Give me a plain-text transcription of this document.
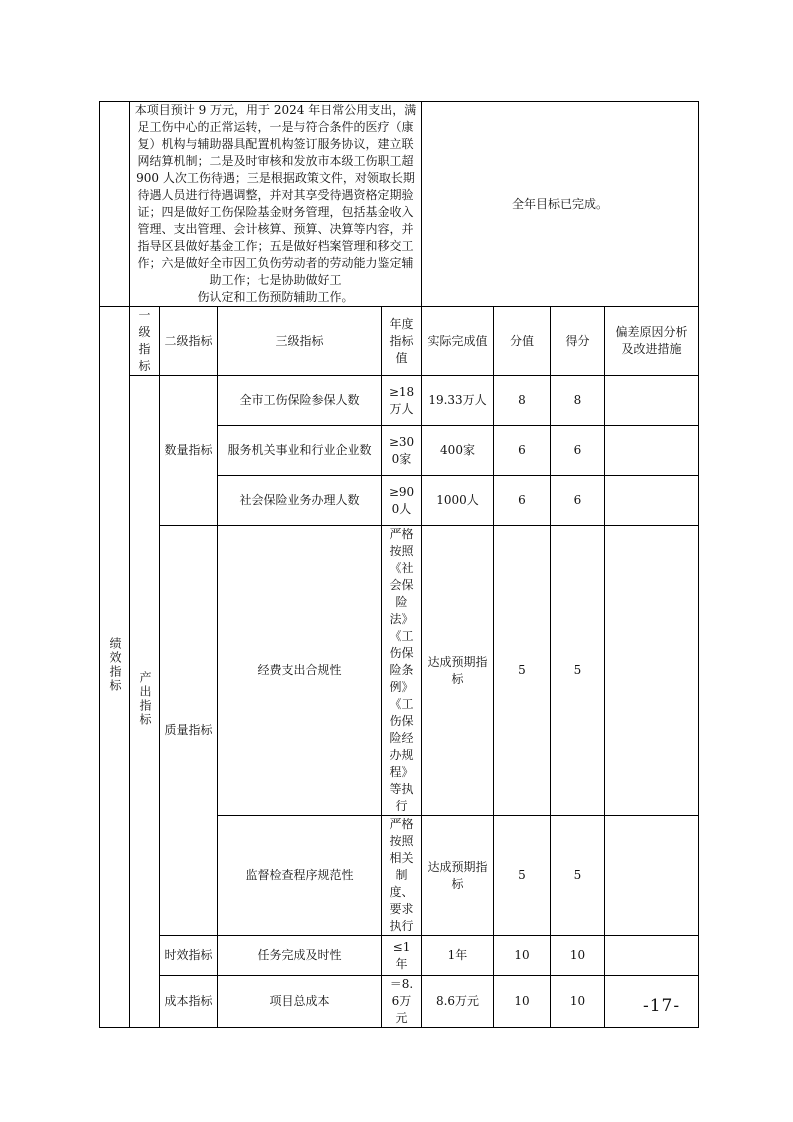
	本项目预计 9 万元，用于 2024 年日常公用支出，满足工伤中心的正常运转，一是与符合条件的医疗（康复）机构与辅助器具配置机构签订服务协议，建立联网结算机制；二是及时审核和发放市本级工伤职工超 900 人次工伤待遇；三是根据政策文件，对领取长期待遇人员进行待遇调整，并对其享受待遇资格定期验证；四是做好工伤保险基金财务管理，包括基金收入管理、支出管理、会计核算、预算、决算等内容，并指导区县做好基金工作；五是做好档案管理和移交工作；六是做好全市因工负伤劳动者的劳动能力鉴定辅助工作；七是协助做好工
伤认定和工伤预防辅助工作。				全年目标已完成。			
绩效指标	一级指标	二级指标	三级指标	年度指标值	实际完成值	分值	得分	偏差原因分析及改进措施
	产出指标	数量指标	全市工伤保险参保人数	≥18万人	19.33万人	8	8	
			服务机关事业和行业企业数	≥300家	400家	6	6	
			社会保险业务办理人数	≥900人	1000人	6	6	
		质量指标	经费支出合规性	严格按照《社会保险法》《工伤保险条例》《工伤保险经办规程》等执行	达成预期指标	5	5	
			监督检查程序规范性	严格按照相关制度、要求执行	达成预期指标	5	5	
		时效指标	任务完成及时性	≤1年	1年	10	10	
		成本指标	项目总成本	＝8.6万元	8.6万元	10	10		-17-
